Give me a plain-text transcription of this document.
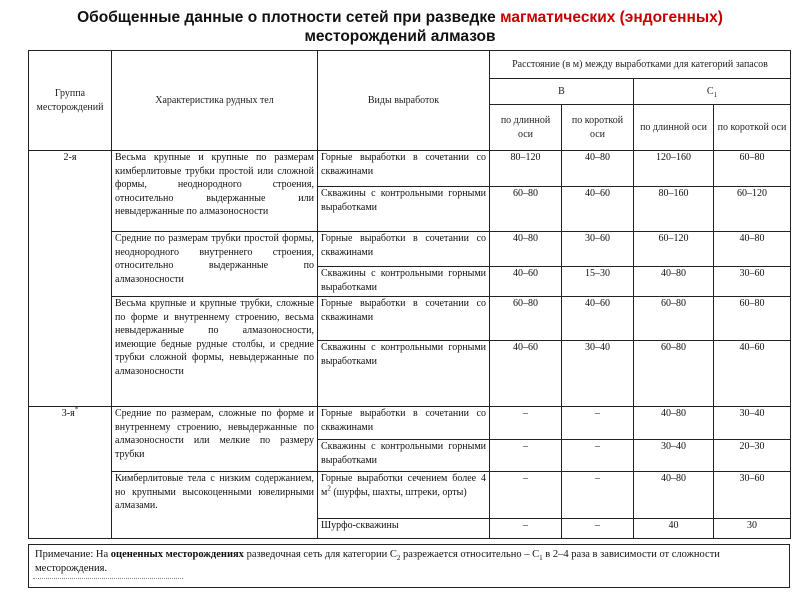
Обобщенные данные о плотности сетей при разведке магматических (эндогенных)
месторождений алмазов
Группа месторождений	Характеристика рудных тел	Виды выработок	Расстояние (в м) между выработками для категорий запасов			
			В		$С_1$
			по длинной оси	по короткой оси	по длинной оси	по короткой оси
2-я	Весьма крупные и крупные по размерам кимберлитовые трубки простой или сложной формы, неоднородного строения, относительно выдержанные или невыдержанные по алмазоносности	Горные выработки в сочетании со скважинами	80–120	40–80	120–160	60–80
		Скважины с контрольными горными выработками	60–80	40–60	80–160	60–120
	Средние по размерам трубки простой формы, неоднородного внутреннего строения, относительно выдержанные по алмазоносности	Горные выработки в сочетании со скважинами	40–80	30–60	60–120	40–80
		Скважины с контрольными горными выработками	40–60	15–30	40–80	30–60
	Весьма крупные и крупные трубки, сложные по форме и внутреннему строению, весьма невыдержанные по алмазоносности, имеющие бедные рудные столбы, и средние трубки сложной формы, невыдержанные по алмазоносности	Горные выработки в сочетании со скважинами	60–80	40–60	60–80	60–80
		Скважины с контрольными горными выработками	40–60	30–40	60–80	40–60
3-я*	Средние по размерам, сложные по форме и внутреннему строению, невыдержанные по алмазоносности или мелкие по размеру трубки	Горные выработки в сочетании со скважинами	–	–	40–80	30–40
		Скважины с контрольными горными выработками	–	–	30–40	20–30
	Кимберлитовые тела с низким содержанием, но крупными высокоценными ювелирными алмазами.	Горные выработки сечением более 4 $м^2$ (шурфы, шахты, штреки, орты)	–	–	40–80	30–60
		Шурфо-скважины	–	–	40	30
Примечание: На оцененных месторождениях разведочная сеть для категории $С_2$ разрежается относительно – $С_1$ в 2–4 раза в зависимости от сложности месторождения.
